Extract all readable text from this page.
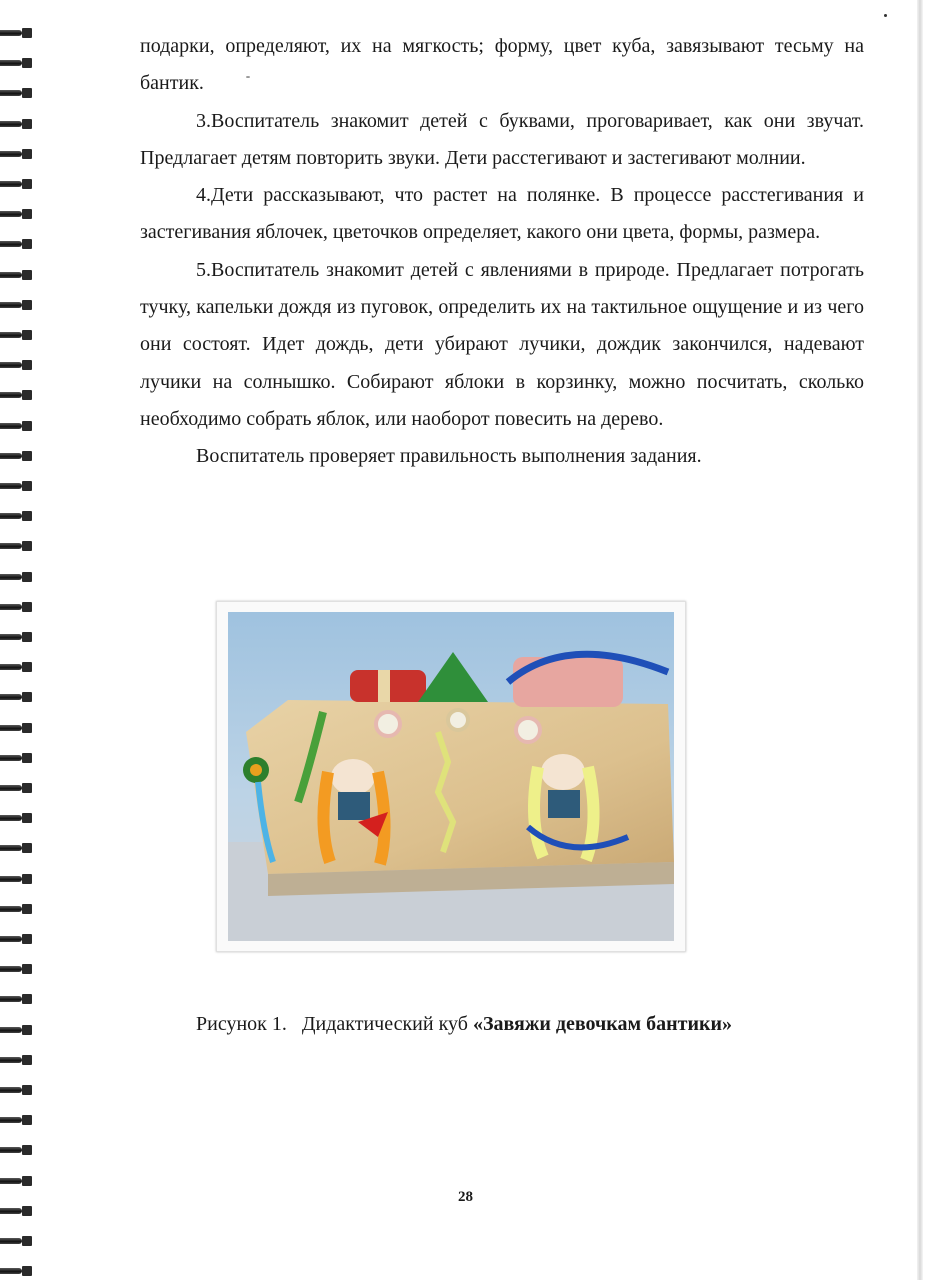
подарки, определяют, их на мягкость; форму, цвет куба, завязывают тесьму на бантик.

3.Воспитатель знакомит детей с буквами, проговаривает, как они звучат. Предлагает детям повторить звуки. Дети расстегивают и застегивают молнии.

4.Дети рассказывают, что растет на полянке. В процессе расстегивания и застегивания яблочек, цветочков определяет, какого они цвета, формы, размера.

5.Воспитатель знакомит детей с явлениями в природе. Предлагает потрогать тучку, капельки дождя из пуговок, определить их на тактильное ощущение и из чего они состоят. Идет дождь, дети убирают лучики, дождик закончился, надевают лучики на солнышко. Собирают яблоки в корзинку, можно посчитать, сколько необходимо собрать яблок, или наоборот повесить на дерево.

Воспитатель проверяет правильность выполнения задания.

Рисунок 1.   Дидактический куб «Завяжи девочкам бантики»
28
